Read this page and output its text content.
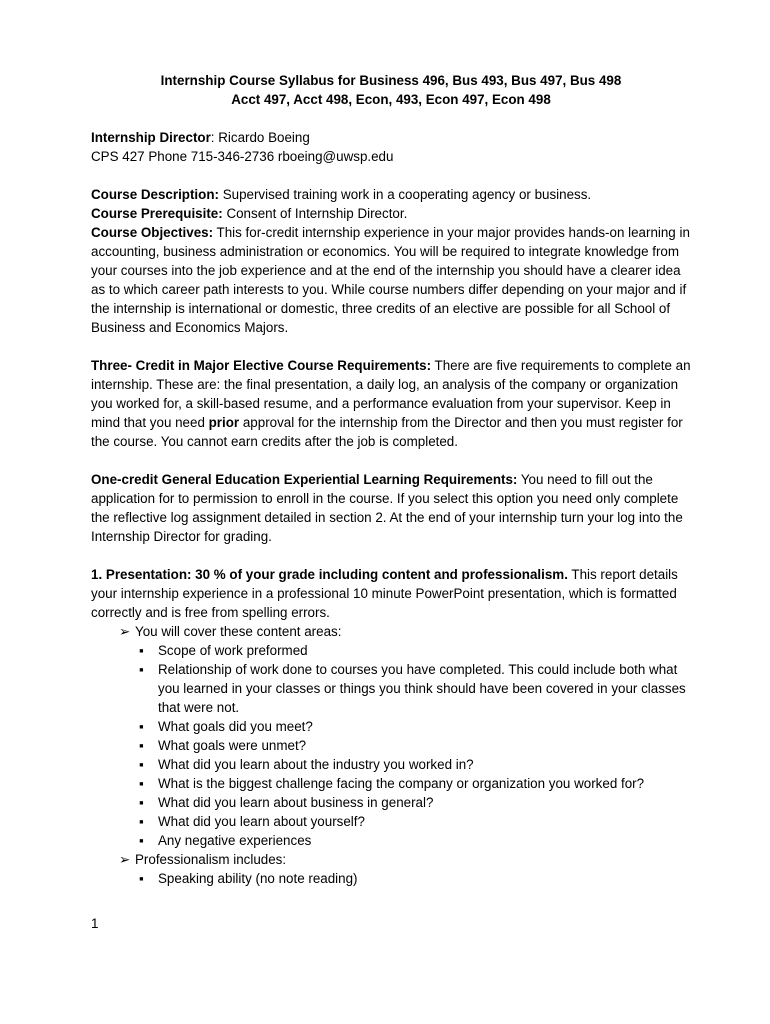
Internship Course Syllabus for Business 496, Bus 493, Bus 497, Bus 498

Acct 497, Acct 498, Econ, 493, Econ 497, Econ 498

Internship Director: Ricardo Boeing

CPS 427 Phone 715-346-2736 rboeing@uwsp.edu

Course Description: Supervised training work in a cooperating agency or business.

Course Prerequisite: Consent of Internship Director.

Course Objectives: This for-credit internship experience in your major provides hands-on learning in accounting, business administration or economics. You will be required to integrate knowledge from your courses into the job experience and at the end of the internship you should have a clearer idea as to which career path interests to you. While course numbers differ depending on your major and if the internship is international or domestic, three credits of an elective are possible for all School of Business and Economics Majors.

Three- Credit in Major Elective Course Requirements: There are five requirements to complete an internship. These are: the final presentation, a daily log, an analysis of the company or organization you worked for, a skill-based resume, and a performance evaluation from your supervisor. Keep in mind that you need prior approval for the internship from the Director and then you must register for the course. You cannot earn credits after the job is completed.

One-credit General Education Experiential Learning Requirements: You need to fill out the application for to permission to enroll in the course. If you select this option you need only complete the reflective log assignment detailed in section 2. At the end of your internship turn your log into the Internship Director for grading.

1. Presentation: 30 % of your grade including content and professionalism. This report details your internship experience in a professional 10 minute PowerPoint presentation, which is formatted correctly and is free from spelling errors.

➢ You will cover these content areas:
▪ Scope of work preformed
▪ Relationship of work done to courses you have completed. This could include both what you learned in your classes or things you think should have been covered in your classes that were not.
▪ What goals did you meet?
▪ What goals were unmet?
▪ What did you learn about the industry you worked in?
▪ What is the biggest challenge facing the company or organization you worked for?
▪ What did you learn about business in general?
▪ What did you learn about yourself?
▪ Any negative experiences
➢ Professionalism includes:
▪ Speaking ability (no note reading)
1
